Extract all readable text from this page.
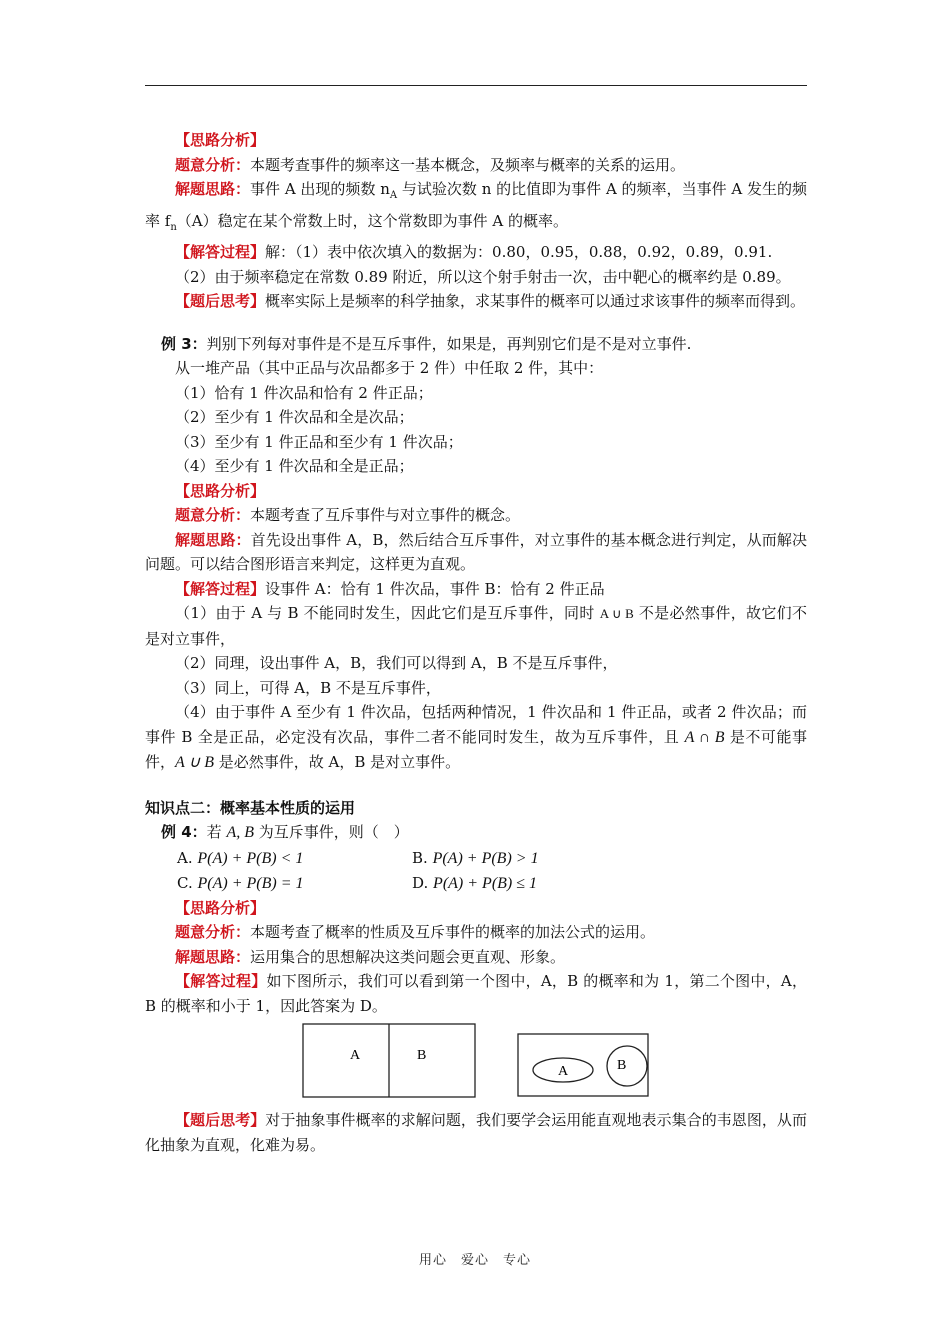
【思路分析】

题意分析：本题考查事件的频率这一基本概念，及频率与概率的关系的运用。

解题思路：事件 A 出现的频数 $n_A$ 与试验次数 n 的比值即为事件 A 的频率，当事件 A 发生的频率 $f_n(A)$稳定在某个常数上时，这个常数即为事件 A 的概率。

【解答过程】解：（1）表中依次填入的数据为：0.80，0.95，0.88，0.92，0.89，0.91.

（2）由于频率稳定在常数 0.89 附近，所以这个射手射击一次，击中靶心的概率约是 0.89。

【题后思考】概率实际上是频率的科学抽象，求某事件的概率可以通过求该事件的频率而得到。

例 3：判别下列每对事件是不是互斥事件，如果是，再判别它们是不是对立事件.

从一堆产品（其中正品与次品都多于 2 件）中任取 2 件，其中：

（1）恰有 1 件次品和恰有 2 件正品；

（2）至少有 1 件次品和全是次品；

（3）至少有 1 件正品和至少有 1 件次品；

（4）至少有 1 件次品和全是正品；

【思路分析】

题意分析：本题考查了互斥事件与对立事件的概念。

解题思路：首先设出事件 A，B，然后结合互斥事件，对立事件的基本概念进行判定，从而解决问题。可以结合图形语言来判定，这样更为直观。

【解答过程】设事件 A：恰有 1 件次品，事件 B：恰有 2 件正品

（1）由于 A 与 B 不能同时发生，因此它们是互斥事件，同时 A ∪ B 不是必然事件，故它们不是对立事件，

（2）同理，设出事件 A，B，我们可以得到 A，B 不是互斥事件，

（3）同上，可得 A，B 不是互斥事件，

（4）由于事件 A 至少有 1 件次品，包括两种情况，1 件次品和 1 件正品，或者 2 件次品；而事件 B 全是正品，必定没有次品，事件二者不能同时发生，故为互斥事件，且 A ∩ B 是不可能事件，A ∪ B 是必然事件，故 A，B 是对立事件。

知识点二：概率基本性质的运用

例 4：若 A, B 为互斥事件，则（　）

A. P(A) + P(B) < 1	B. P(A) + P(B) > 1
C. P(A) + P(B) = 1	D. P(A) + P(B) ≤ 1

【思路分析】

题意分析：本题考查了概率的性质及互斥事件的概率的加法公式的运用。

解题思路：运用集合的思想解决这类问题会更直观、形象。

【解答过程】如下图所示，我们可以看到第一个图中，A，B 的概率和为 1，第二个图中，A，B 的概率和小于 1，因此答案为 D。

A	B
A	B

【题后思考】对于抽象事件概率的求解问题，我们要学会运用能直观地表示集合的韦恩图，从而化抽象为直观，化难为易。

用心　爱心　专心
